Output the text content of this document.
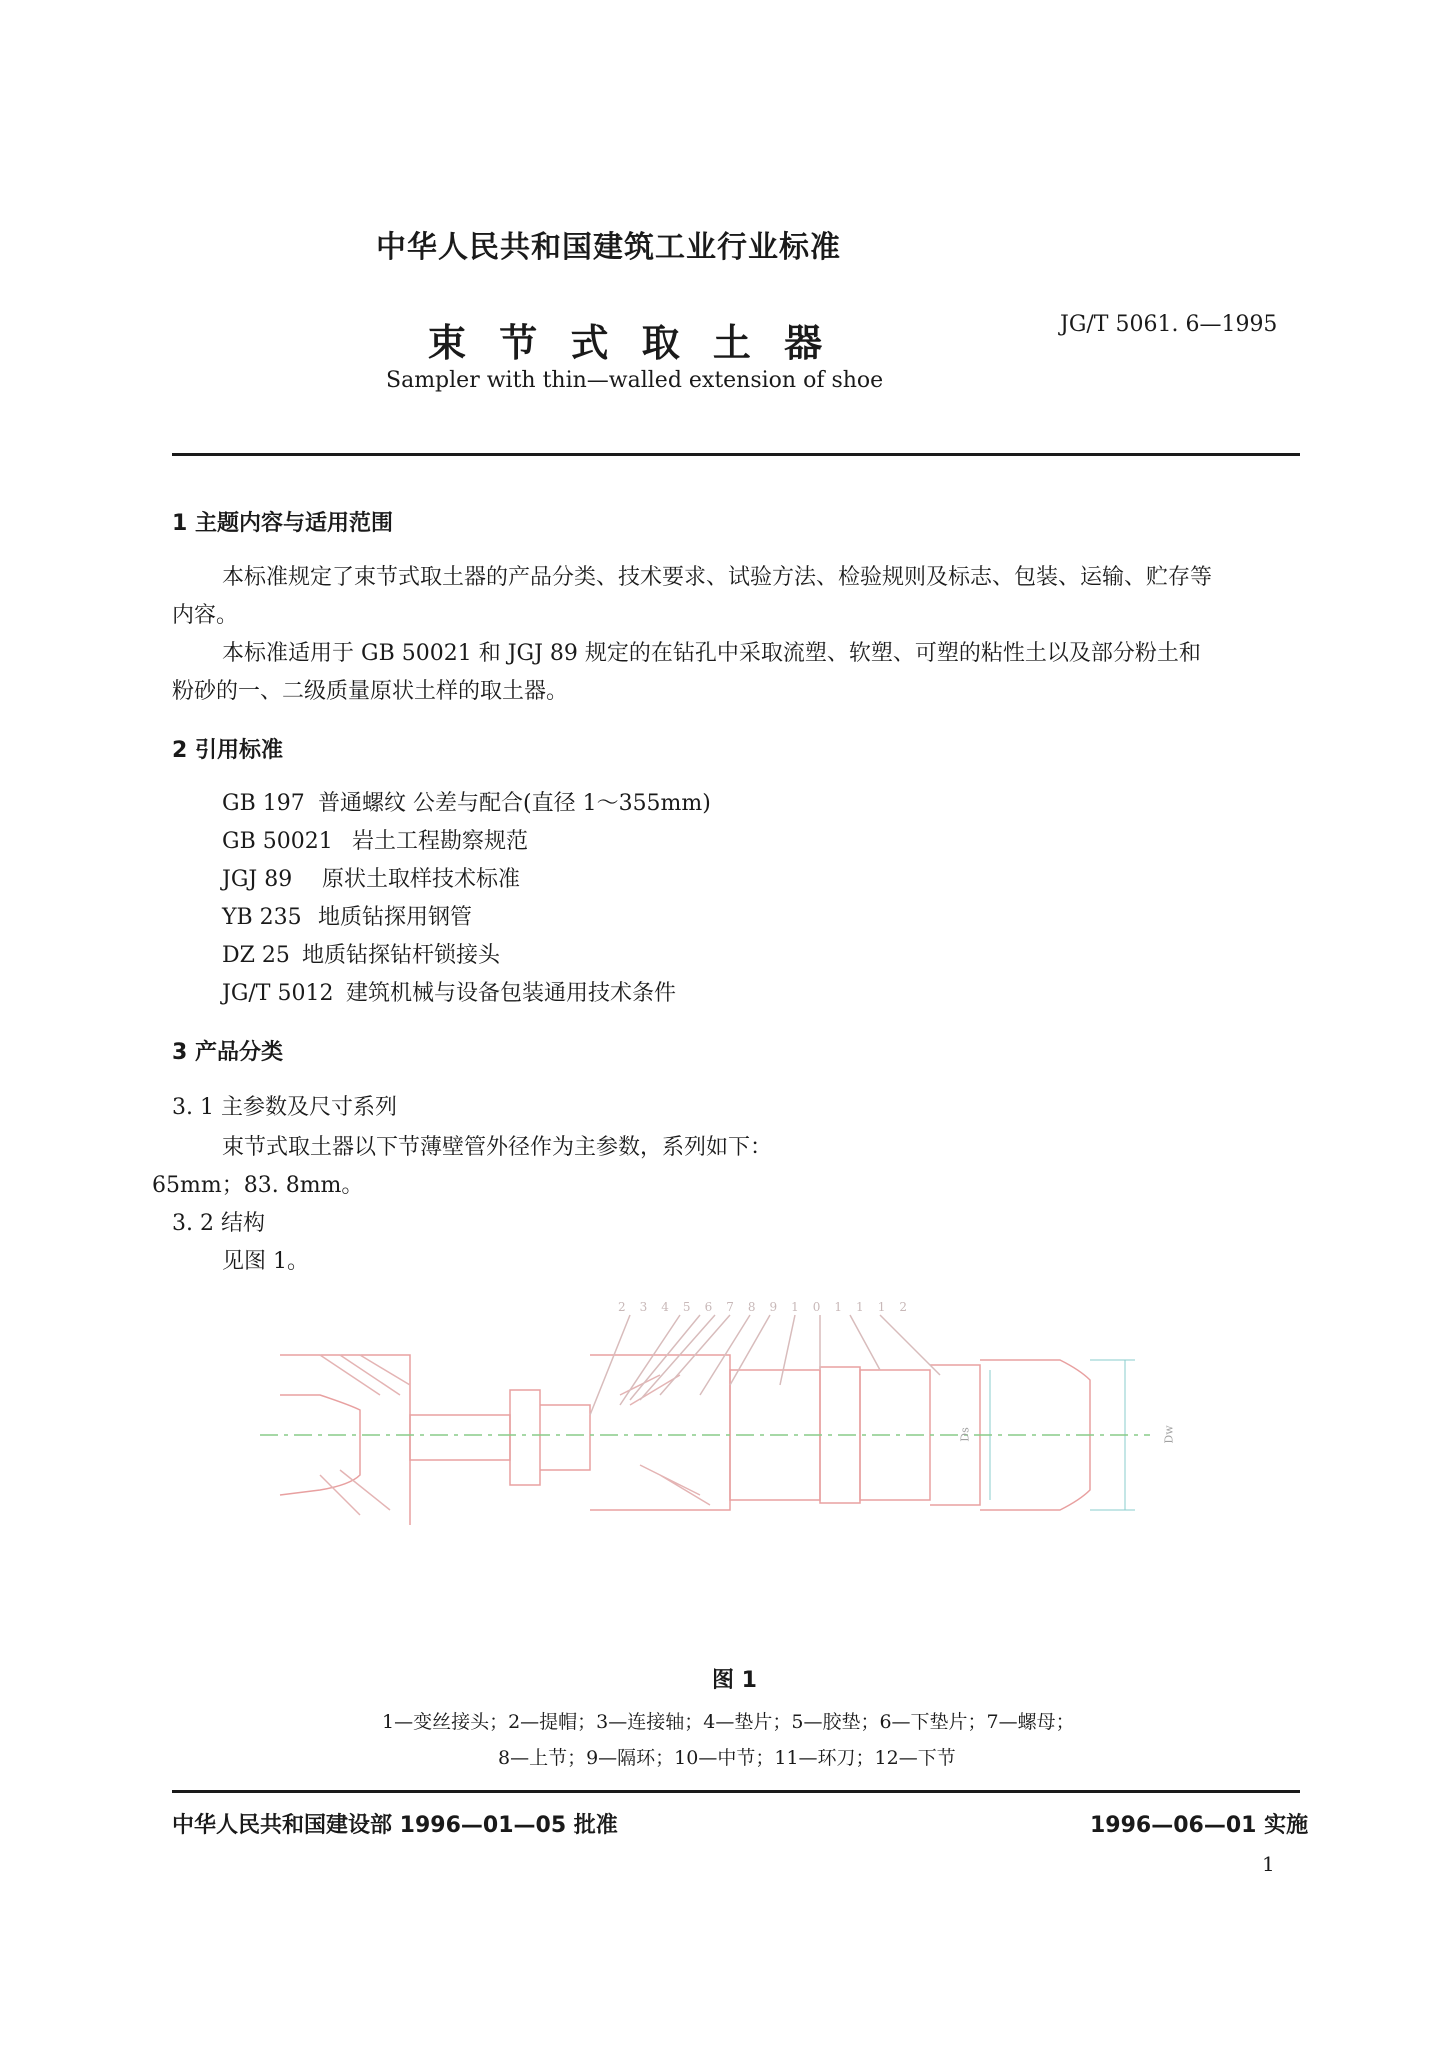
中华人民共和国建筑工业行业标准
束 节 式 取 土 器	JG/T 5061. 6—1995
Sampler with thin—walled extension of shoe
1 主题内容与适用范围
本标准规定了束节式取土器的产品分类、技术要求、试验方法、检验规则及标志、包装、运输、贮存等
内容。
本标准适用于 GB 50021 和 JGJ 89 规定的在钻孔中采取流塑、软塑、可塑的粘性土以及部分粉土和
粉砂的一、二级质量原状土样的取土器。
2 引用标准
GB 197 普通螺纹 公差与配合(直径 1～355mm)
GB 50021 岩土工程勘察规范
JGJ 89 原状土取样技术标准
YB 235 地质钻探用钢管
DZ 25 地质钻探钻杆锁接头
JG/T 5012 建筑机械与设备包装通用技术条件
3 产品分类
3. 1 主参数及尺寸系列
束节式取土器以下节薄壁管外径作为主参数，系列如下：
65mm；83. 8mm。
3. 2 结构
见图 1。
23456789101112
Ds	Dw
图 1
1—变丝接头；2—提帽；3—连接轴；4—垫片；5—胶垫；6—下垫片；7—螺母；
8—上节；9—隔环；10—中节；11—环刀；12—下节
中华人民共和国建设部 1996—01—05 批准	1996—06—01 实施
1
